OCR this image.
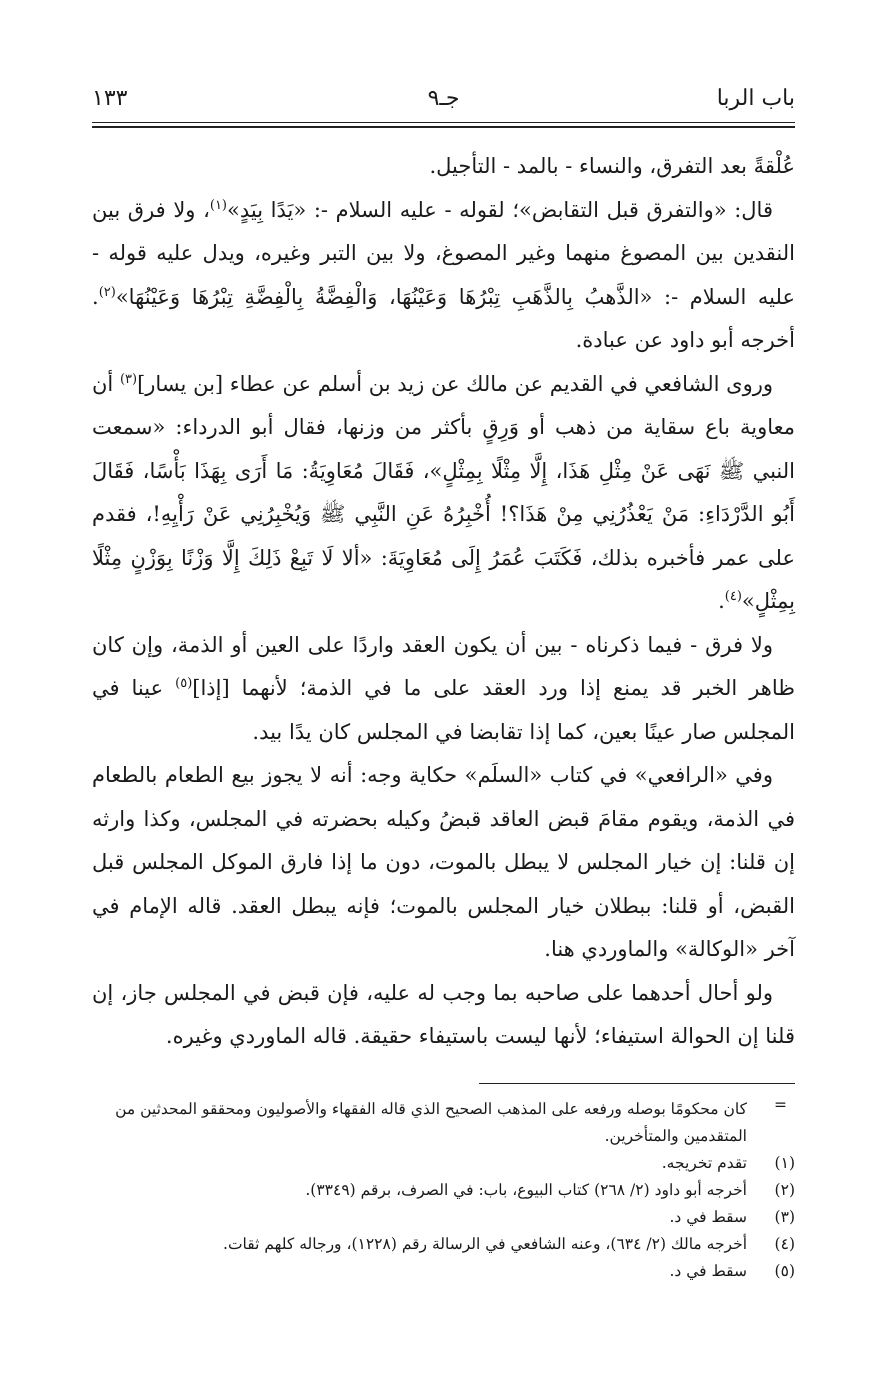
باب الربا
جـ٩
١٣٣

عُلْقةً بعد التفرق، والنساء - بالمد - التأجيل.

قال: «والتفرق قبل التقابض»؛ لقوله - عليه السلام -: «يَدًا بِيَدٍ»$^{(١)}$، ولا فرق بين النقدين بين المصوغ منهما وغير المصوغ، ولا بين التبر وغيره، ويدل عليه قوله - عليه السلام -: «الذَّهبُ بِالذَّهَبِ تِبْرُهَا وَعَيْنُهَا، وَالْفِضَّةُ بِالْفِضَّةِ تِبْرُهَا وَعَيْنُهَا»$^{(٢)}$. أخرجه أبو داود عن عبادة.

وروى الشافعي في القديم عن مالك عن زيد بن أسلم عن عطاء [بن يسار]$^{(٣)}$ أن معاوية باع سقاية من ذهب أو وَرِقٍ بأكثر من وزنها، فقال أبو الدرداء: «سمعت النبي ﷺ نَهَى عَنْ مِثْلِ هَذَا، إِلَّا مِثْلًا بِمِثْلٍ»، فَقَالَ مُعَاوِيَةُ: مَا أَرَى بِهَذَا بَأْسًا، فَقَالَ أَبُو الدَّرْدَاءِ: مَنْ يَعْذُرُنِي مِنْ هَذَا؟! أُخْبِرُهُ عَنِ النَّبِي ﷺ وَيُخْبِرُنِي عَنْ رَأْيِهِ!، فقدم على عمر فأخبره بذلك، فَكَتَبَ عُمَرُ إِلَى مُعَاوِيَةَ: «ألا لَا تَبِعْ ذَلِكَ إِلَّا وَزْنًا بِوَزْنٍ مِثْلًا بِمِثْلٍ»$^{(٤)}$.

ولا فرق - فيما ذكرناه - بين أن يكون العقد واردًا على العين أو الذمة، وإن كان ظاهر الخبر قد يمنع إذا ورد العقد على ما في الذمة؛ لأنهما [إذا]$^{(٥)}$ عينا في المجلس صار عينًا بعين، كما إذا تقابضا في المجلس كان يدًا بيد.

وفي «الرافعي» في كتاب «السلَم» حكاية وجه: أنه لا يجوز بيع الطعام بالطعام في الذمة، ويقوم مقامَ قبض العاقد قبضُ وكيله بحضرته في المجلس، وكذا وارثه إن قلنا: إن خيار المجلس لا يبطل بالموت، دون ما إذا فارق الموكل المجلس قبل القبض، أو قلنا: ببطلان خيار المجلس بالموت؛ فإنه يبطل العقد. قاله الإمام في آخر «الوكالة» والماوردي هنا.

ولو أحال أحدهما على صاحبه بما وجب له عليه، فإن قبض في المجلس جاز، إن قلنا إن الحوالة استيفاء؛ لأنها ليست باستيفاء حقيقة. قاله الماوردي وغيره.

=
كان محكومًا بوصله ورفعه على المذهب الصحيح الذي قاله الفقهاء والأصوليون ومحققو المحدثين من المتقدمين والمتأخرين.
(١)
تقدم تخريجه.
(٢)
أخرجه أبو داود (٢/ ٢٦٨) كتاب البيوع، باب: في الصرف، برقم (٣٣٤٩).
(٣)
سقط في د.
(٤)
أخرجه مالك (٢/ ٦٣٤)، وعنه الشافعي في الرسالة رقم (١٢٢٨)، ورجاله كلهم ثقات.
(٥)
سقط في د.
